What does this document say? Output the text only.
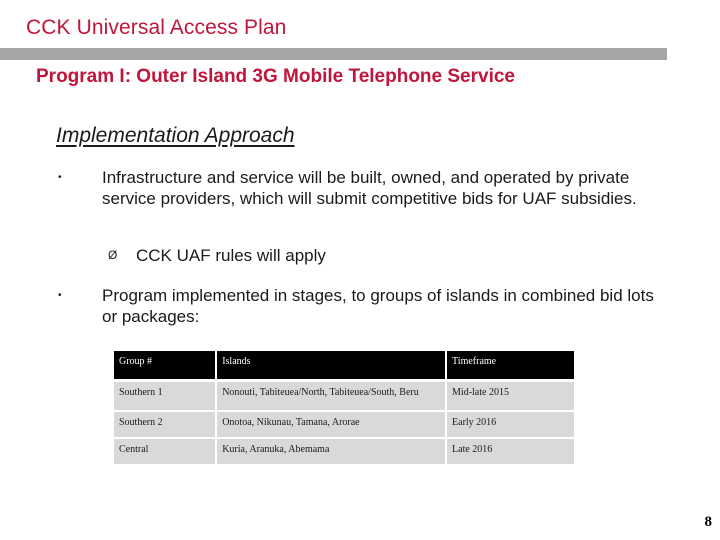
CCK Universal Access Plan
Program I: Outer Island 3G Mobile Telephone Service
Implementation Approach
• Infrastructure and service will be built, owned, and operated by private service providers, which will submit competitive bids for UAF subsidies.
Ø CCK UAF rules will apply
• Program implemented in stages, to groups of islands in combined bid lots or packages:
Group #	Islands	Timeframe
Southern 1	Nonouti, Tabiteuea/North, Tabiteuea/South, Beru	Mid-late 2015
Southern 2	Onotoa, Nikunau, Tamana, Arorae	Early 2016
Central	Kuria, Aranuka, Abemama	Late 2016
8
